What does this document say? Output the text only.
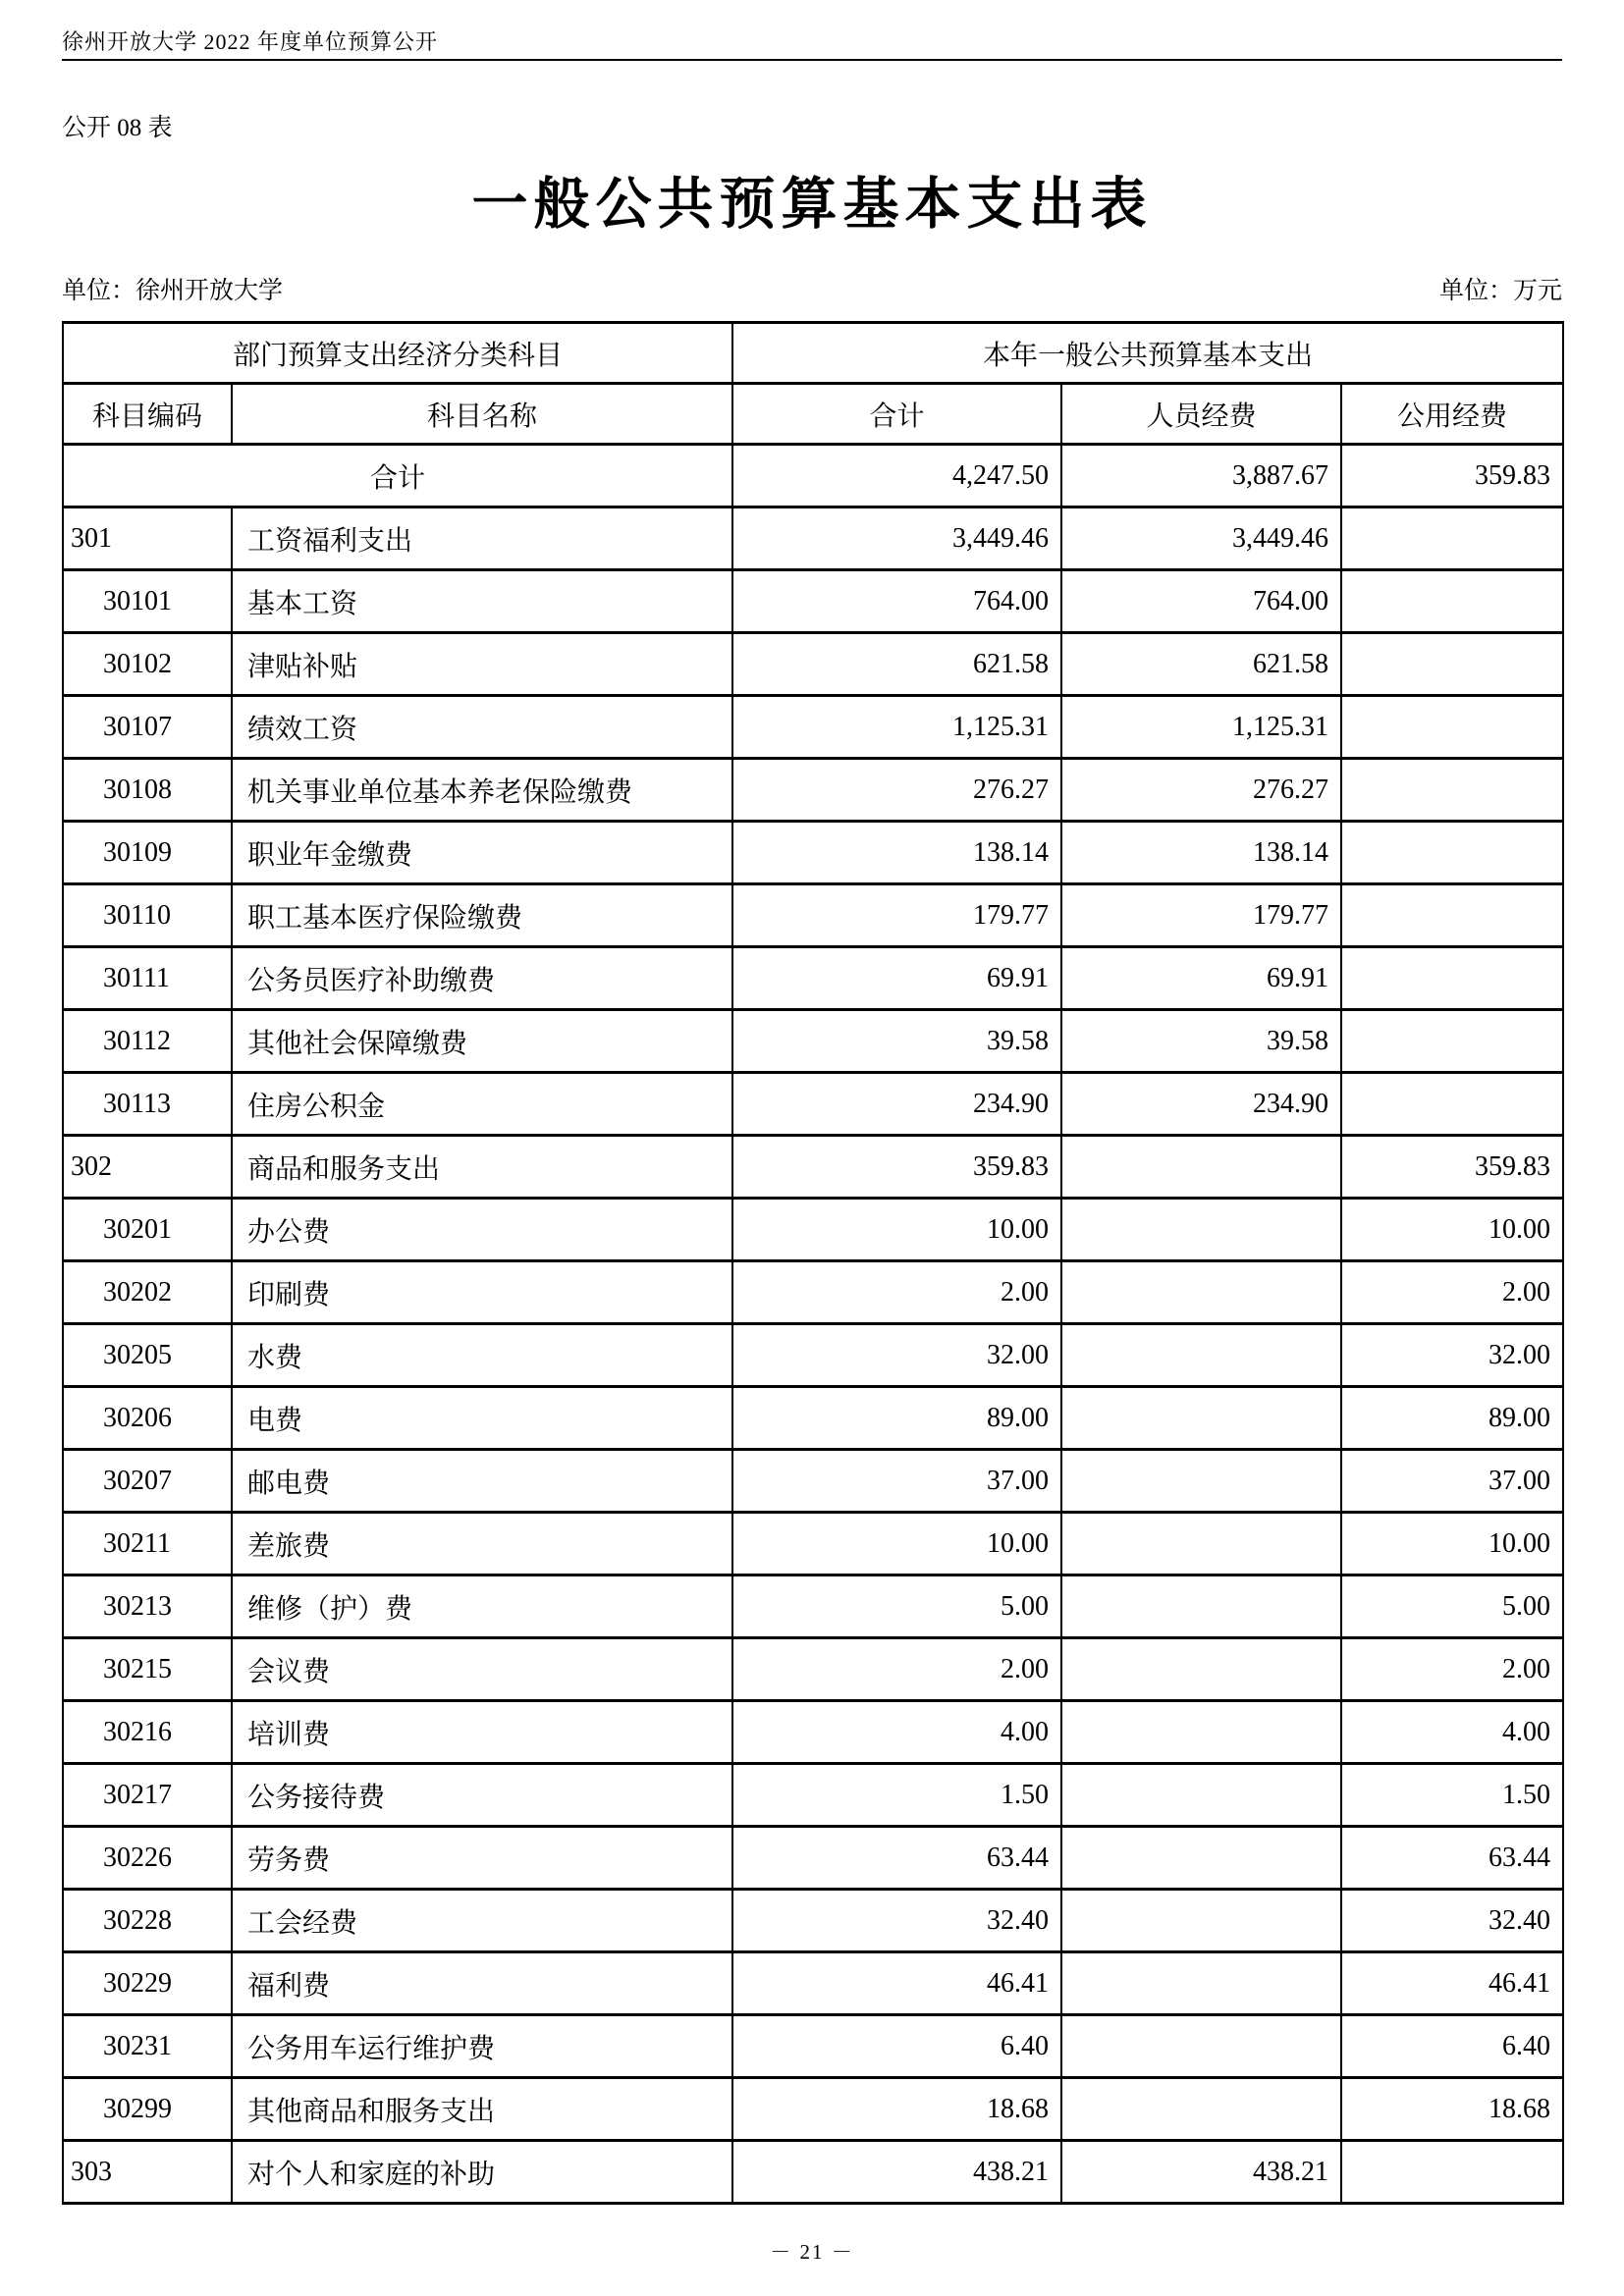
徐州开放大学 2022 年度单位预算公开
公开 08 表
一般公共预算基本支出表
单位：徐州开放大学	单位：万元
部门预算支出经济分类科目		本年一般公共预算基本支出		
科目编码	科目名称	合计	人员经费	公用经费
合计		4,247.50	3,887.67	359.83
301	工资福利支出	3,449.46	3,449.46	
30101	基本工资	764.00	764.00	
30102	津贴补贴	621.58	621.58	
30107	绩效工资	1,125.31	1,125.31	
30108	机关事业单位基本养老保险缴费	276.27	276.27	
30109	职业年金缴费	138.14	138.14	
30110	职工基本医疗保险缴费	179.77	179.77	
30111	公务员医疗补助缴费	69.91	69.91	
30112	其他社会保障缴费	39.58	39.58	
30113	住房公积金	234.90	234.90	
302	商品和服务支出	359.83		359.83
30201	办公费	10.00		10.00
30202	印刷费	2.00		2.00
30205	水费	32.00		32.00
30206	电费	89.00		89.00
30207	邮电费	37.00		37.00
30211	差旅费	10.00		10.00
30213	维修（护）费	5.00		5.00
30215	会议费	2.00		2.00
30216	培训费	4.00		4.00
30217	公务接待费	1.50		1.50
30226	劳务费	63.44		63.44
30228	工会经费	32.40		32.40
30229	福利费	46.41		46.41
30231	公务用车运行维护费	6.40		6.40
30299	其他商品和服务支出	18.68		18.68
303	对个人和家庭的补助	438.21	438.21	
－ 21 －
